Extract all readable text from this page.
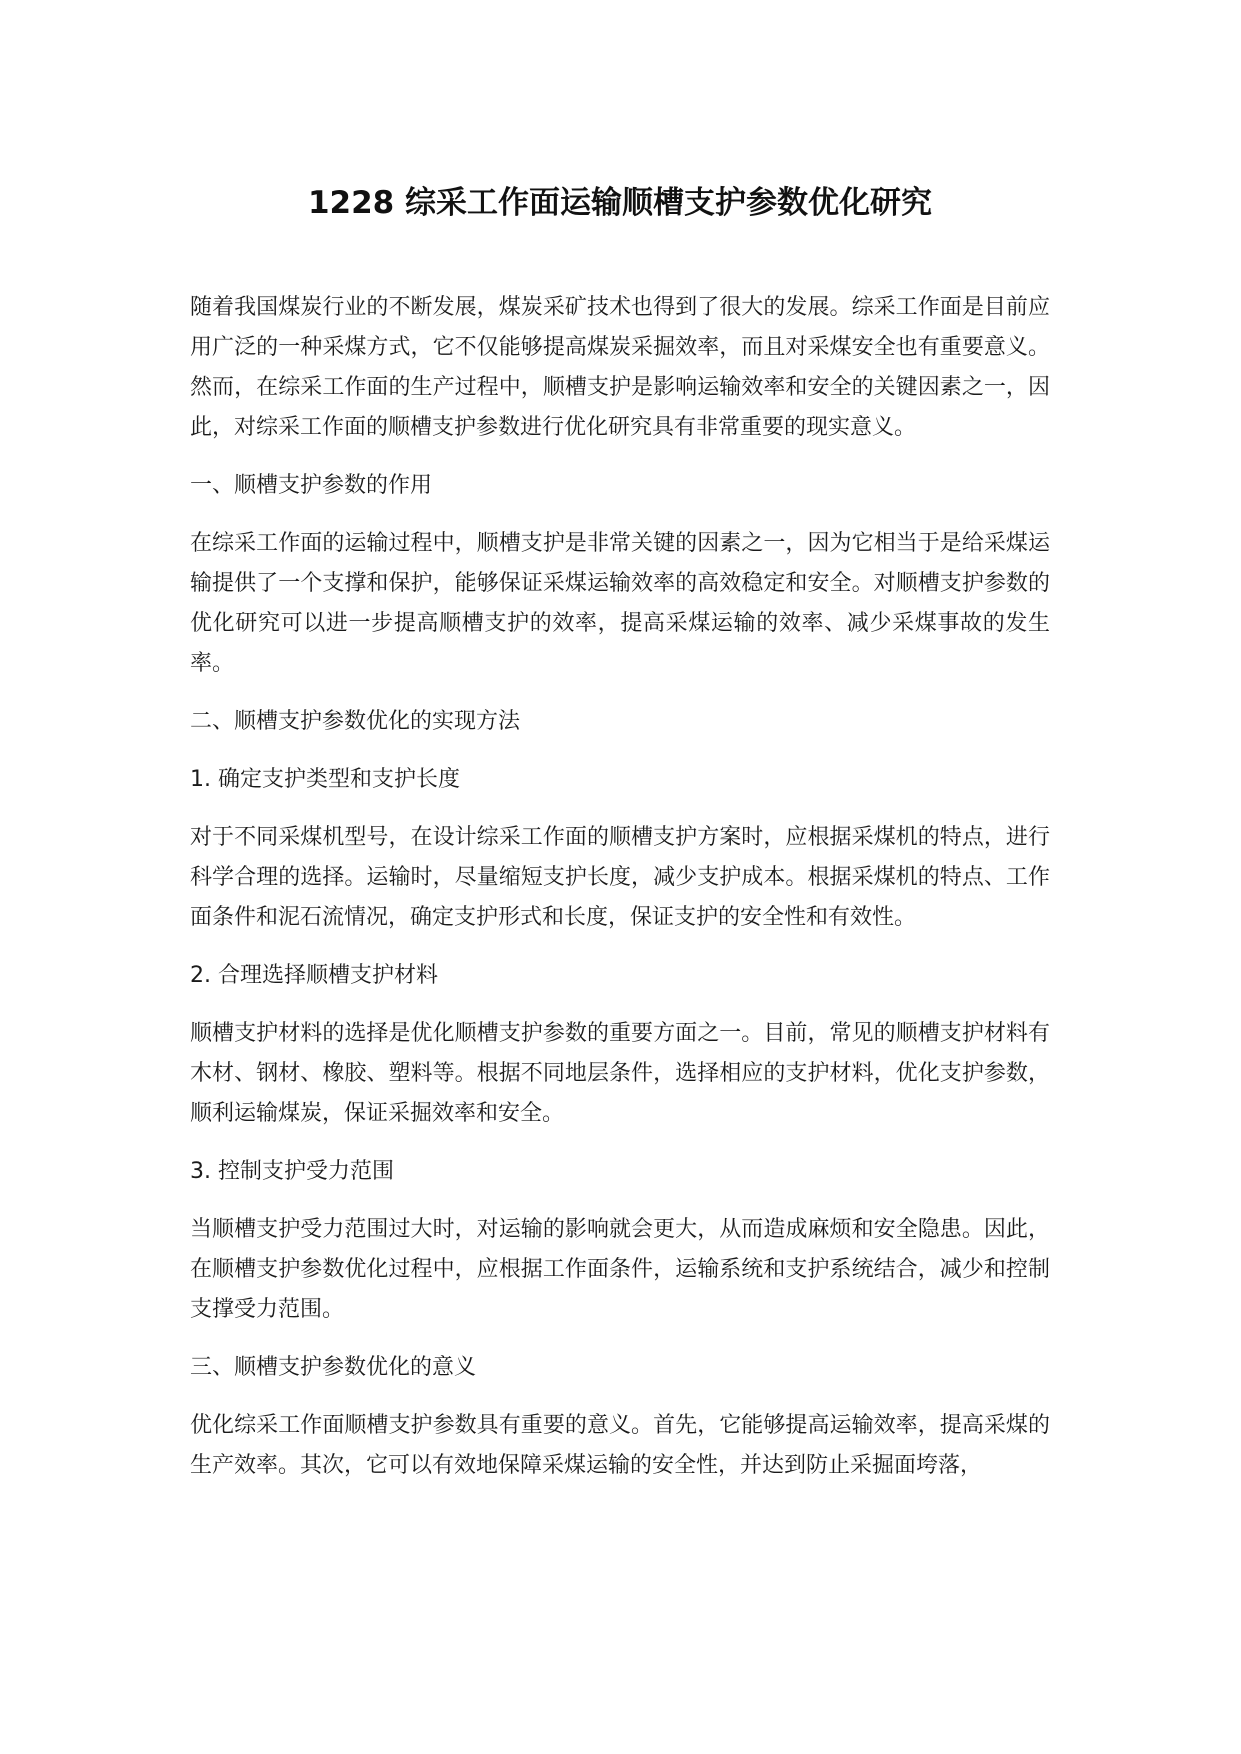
1228 综采工作面运输顺槽支护参数优化研究

随着我国煤炭行业的不断发展，煤炭采矿技术也得到了很大的发展。综采工作面是目前应用广泛的一种采煤方式，它不仅能够提高煤炭采掘效率，而且对采煤安全也有重要意义。然而，在综采工作面的生产过程中，顺槽支护是影响运输效率和安全的关键因素之一，因此，对综采工作面的顺槽支护参数进行优化研究具有非常重要的现实意义。

一、顺槽支护参数的作用

在综采工作面的运输过程中，顺槽支护是非常关键的因素之一，因为它相当于是给采煤运输提供了一个支撑和保护，能够保证采煤运输效率的高效稳定和安全。对顺槽支护参数的优化研究可以进一步提高顺槽支护的效率，提高采煤运输的效率、减少采煤事故的发生率。

二、顺槽支护参数优化的实现方法

1. 确定支护类型和支护长度

对于不同采煤机型号，在设计综采工作面的顺槽支护方案时，应根据采煤机的特点，进行科学合理的选择。运输时，尽量缩短支护长度，减少支护成本。根据采煤机的特点、工作面条件和泥石流情况，确定支护形式和长度，保证支护的安全性和有效性。

2. 合理选择顺槽支护材料

顺槽支护材料的选择是优化顺槽支护参数的重要方面之一。目前，常见的顺槽支护材料有木材、钢材、橡胶、塑料等。根据不同地层条件，选择相应的支护材料，优化支护参数，顺利运输煤炭，保证采掘效率和安全。

3. 控制支护受力范围

当顺槽支护受力范围过大时，对运输的影响就会更大，从而造成麻烦和安全隐患。因此，在顺槽支护参数优化过程中，应根据工作面条件，运输系统和支护系统结合，减少和控制支撑受力范围。

三、顺槽支护参数优化的意义

优化综采工作面顺槽支护参数具有重要的意义。首先，它能够提高运输效率，提高采煤的生产效率。其次，它可以有效地保障采煤运输的安全性，并达到防止采掘面垮落，
